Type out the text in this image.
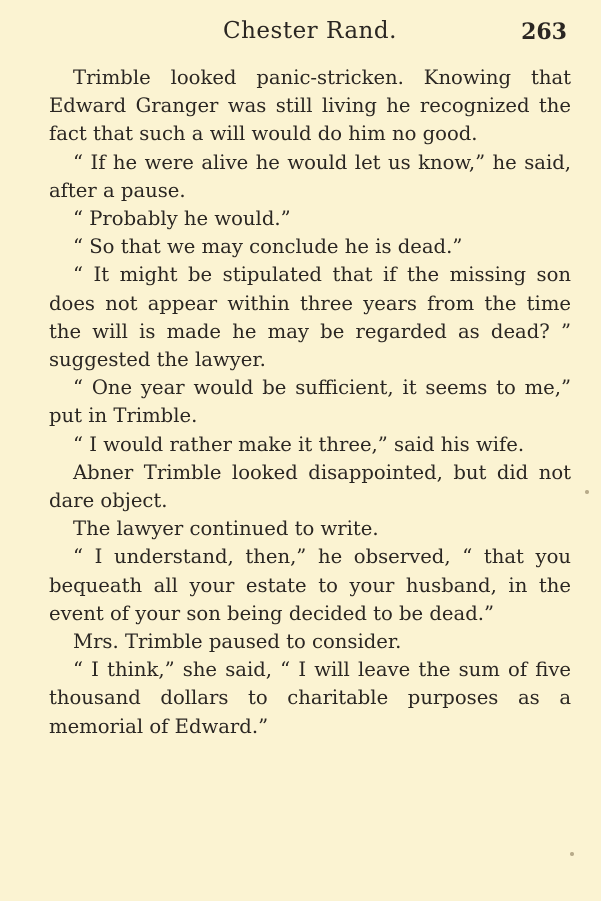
Chester Rand.	263

Trimble looked panic-stricken. Knowing that Edward Granger was still living he recognized the fact that such a will would do him no good.

“ If he were alive he would let us know,” he said, after a pause.

“ Probably he would.”

“ So that we may conclude he is dead.”

“ It might be stipulated that if the missing son does not appear within three years from the time the will is made he may be regarded as dead? ” suggested the lawyer.

“ One year would be sufficient, it seems to me,” put in Trimble.

“ I would rather make it three,” said his wife.

Abner Trimble looked disappointed, but did not dare object.

The lawyer continued to write.

“ I understand, then,” he observed, “ that you bequeath all your estate to your husband, in the event of your son being decided to be dead.”

Mrs. Trimble paused to consider.

“ I think,” she said, “ I will leave the sum of five thousand dollars to charitable purposes as a memorial of Edward.”
